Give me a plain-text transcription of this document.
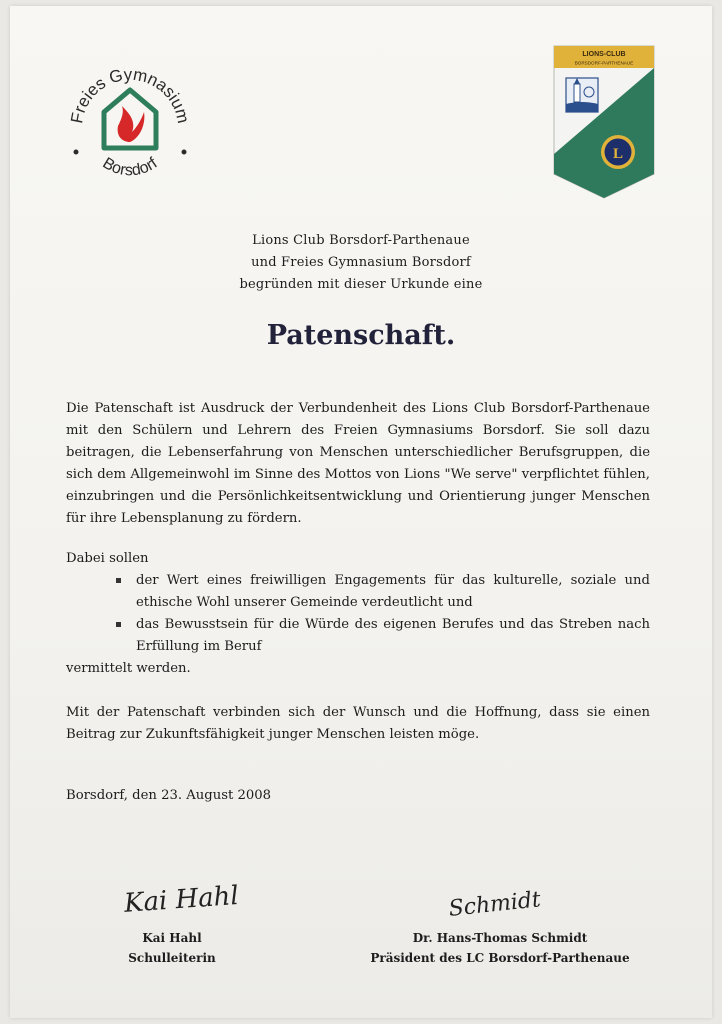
Freies Gymnasium
Borsdorf
LIONS-CLUB
BORSDORF-PARTHENAUE
L
LIONS
Lions Club Borsdorf-Parthenaue
und Freies Gymnasium Borsdorf
begründen mit dieser Urkunde eine
Patenschaft.
Die Patenschaft ist Ausdruck der Verbundenheit des Lions Club Borsdorf-Parthenaue mit den Schülern und Lehrern des Freien Gymnasiums Borsdorf. Sie soll dazu beitragen, die Lebenserfahrung von Menschen unterschiedlicher Berufsgruppen, die sich dem Allgemeinwohl im Sinne des Mottos von Lions "We serve" verpflichtet fühlen, einzubringen und die Persönlichkeitsentwicklung und Orientierung junger Menschen für ihre Lebensplanung zu fördern.
Dabei sollen
der Wert eines freiwilligen Engagements für das kulturelle, soziale und ethische Wohl unserer Gemeinde verdeutlicht und
das Bewusstsein für die Würde des eigenen Berufes und das Streben nach Erfüllung im Beruf
vermittelt werden.
Mit der Patenschaft verbinden sich der Wunsch und die Hoffnung, dass sie einen Beitrag zur Zukunftsfähigkeit junger Menschen leisten möge.
Borsdorf, den 23. August 2008
Kai Hahl	Schmidt
Kai Hahl
Schulleiterin
Dr. Hans-Thomas Schmidt
Präsident des LC Borsdorf-Parthenaue
